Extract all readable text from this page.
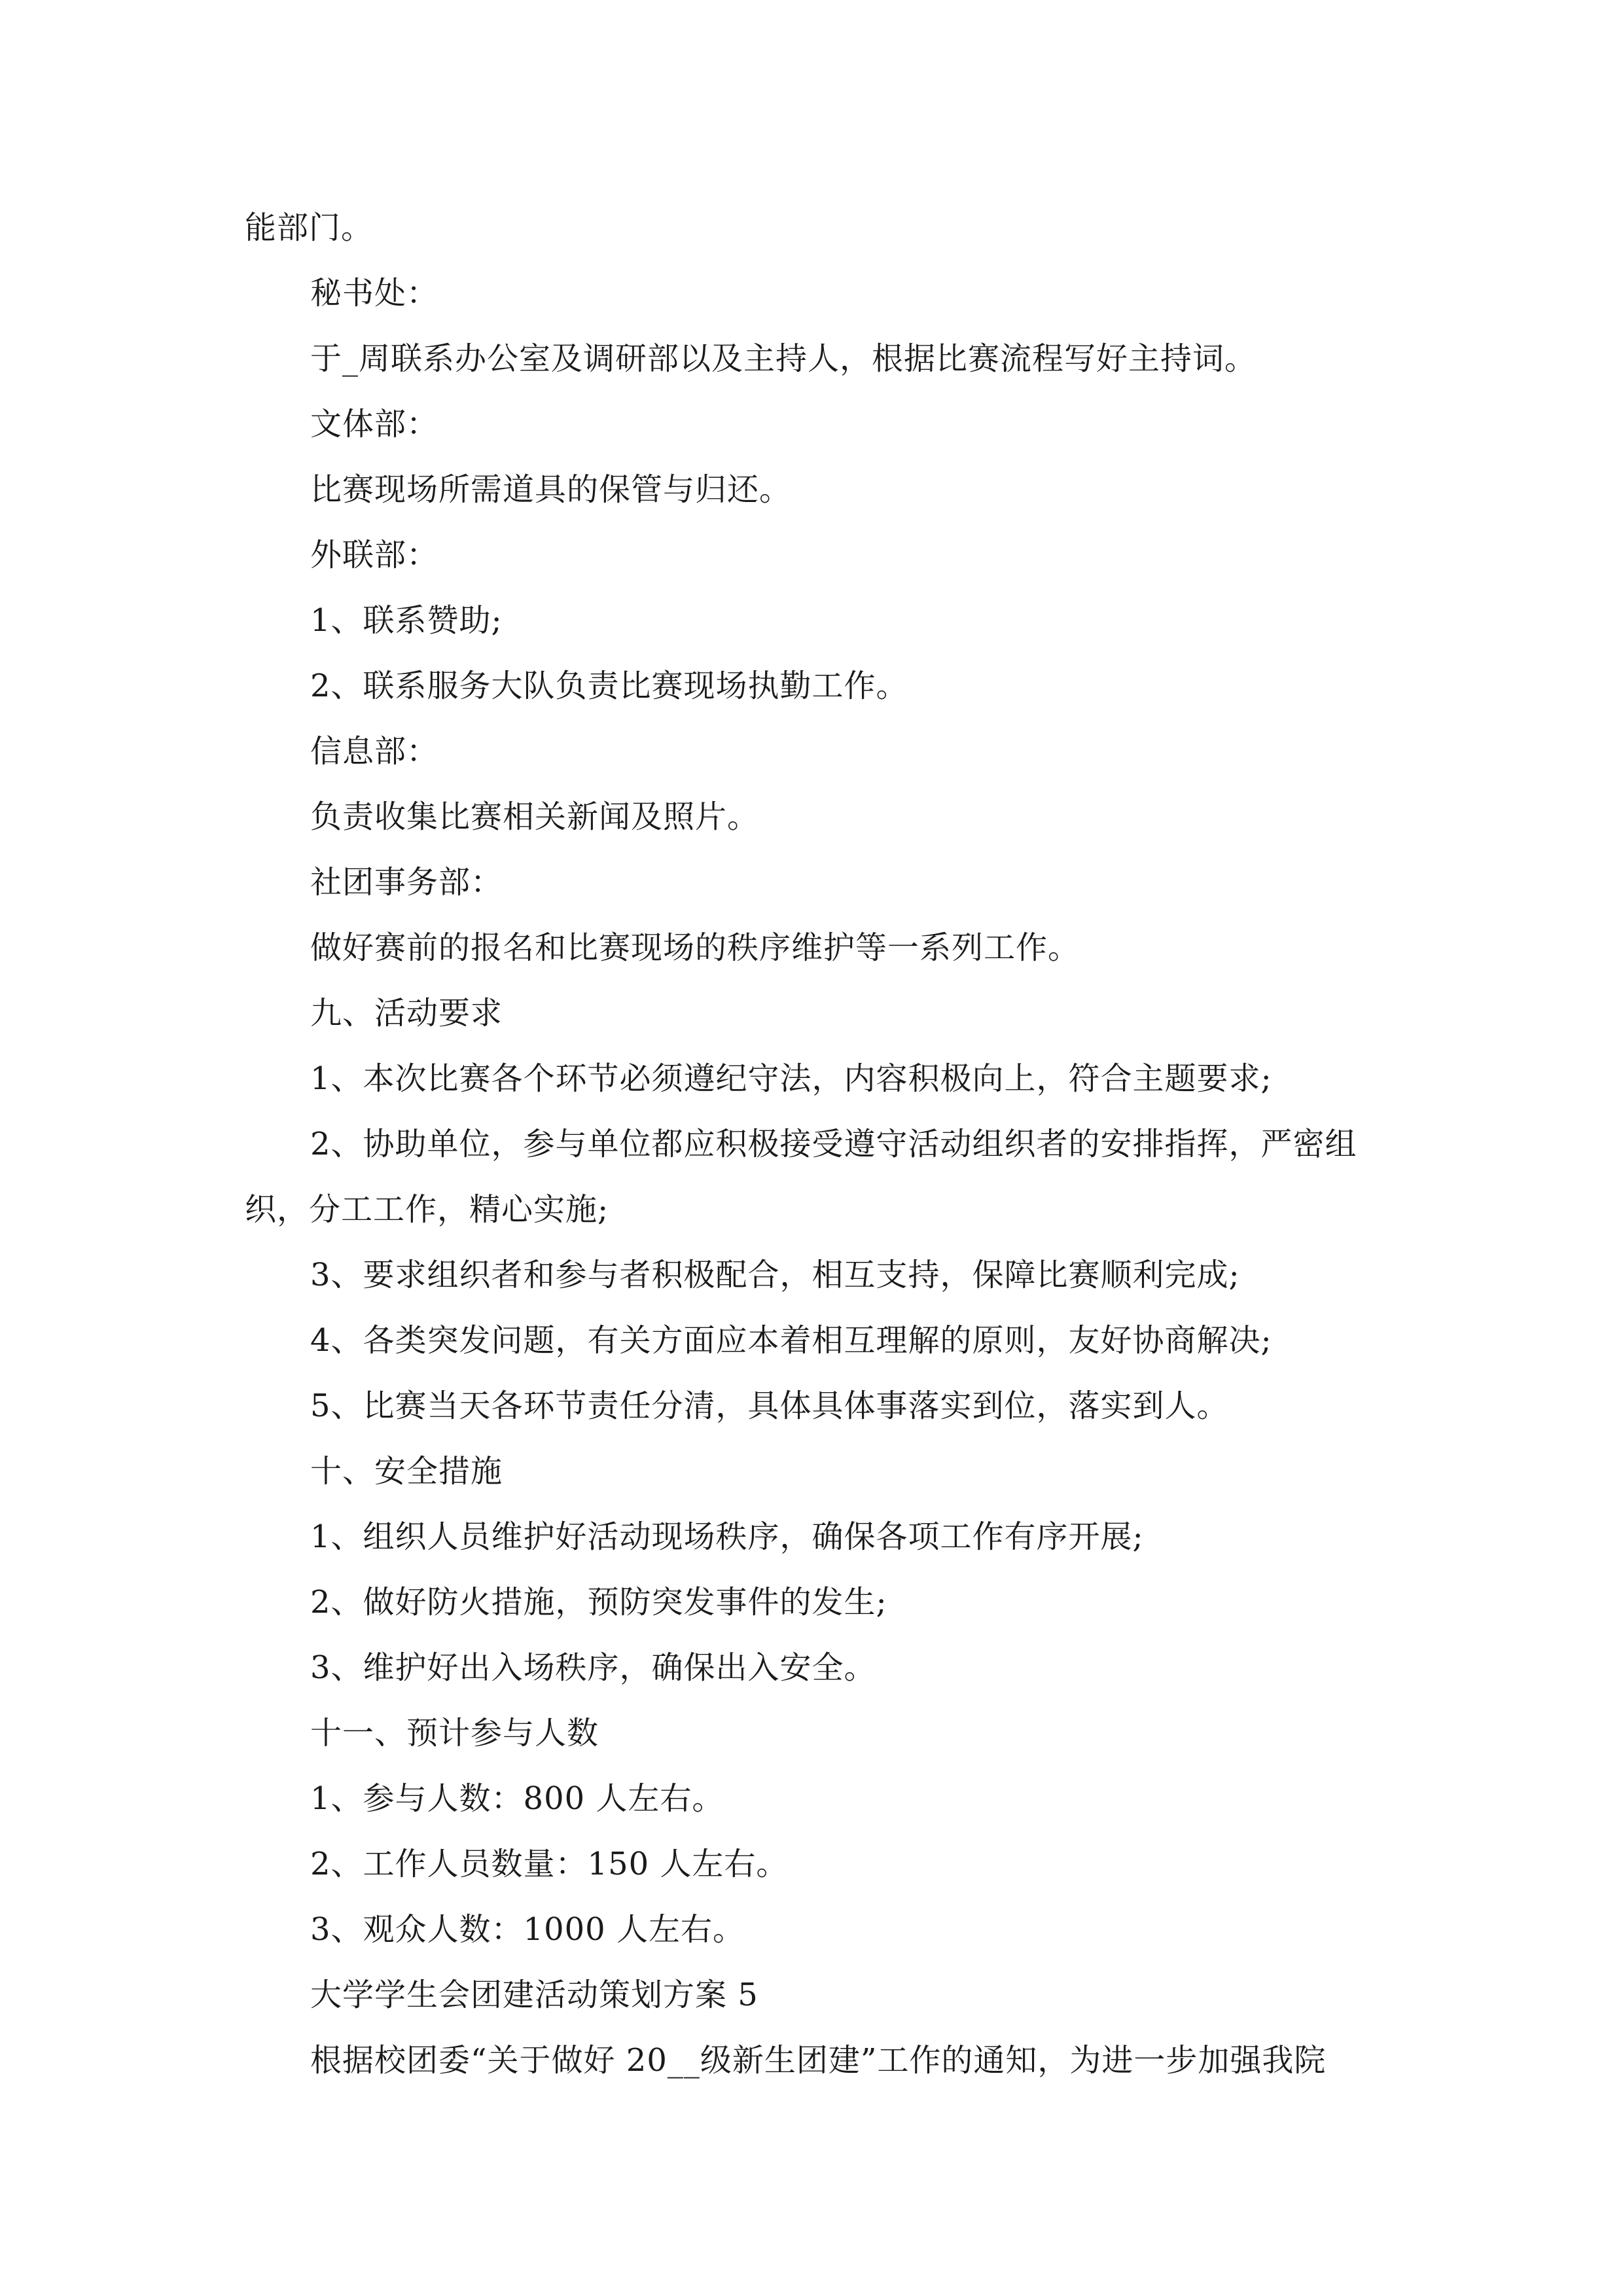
能部门。
秘书处：
于_周联系办公室及调研部以及主持人，根据比赛流程写好主持词。
文体部：
比赛现场所需道具的保管与归还。
外联部：
1、联系赞助;
2、联系服务大队负责比赛现场执勤工作。
信息部：
负责收集比赛相关新闻及照片。
社团事务部：
做好赛前的报名和比赛现场的秩序维护等一系列工作。
九、活动要求
1、本次比赛各个环节必须遵纪守法，内容积极向上，符合主题要求;
2、协助单位，参与单位都应积极接受遵守活动组织者的安排指挥，严密组
织，分工工作，精心实施;
3、要求组织者和参与者积极配合，相互支持，保障比赛顺利完成;
4、各类突发问题，有关方面应本着相互理解的原则，友好协商解决;
5、比赛当天各环节责任分清，具体具体事落实到位，落实到人。
十、安全措施
1、组织人员维护好活动现场秩序，确保各项工作有序开展;
2、做好防火措施，预防突发事件的发生;
3、维护好出入场秩序，确保出入安全。
十一、预计参与人数
1、参与人数：800 人左右。
2、工作人员数量：150 人左右。
3、观众人数：1000 人左右。
大学学生会团建活动策划方案 5
根据校团委“关于做好 20__级新生团建”工作的通知，为进一步加强我院
